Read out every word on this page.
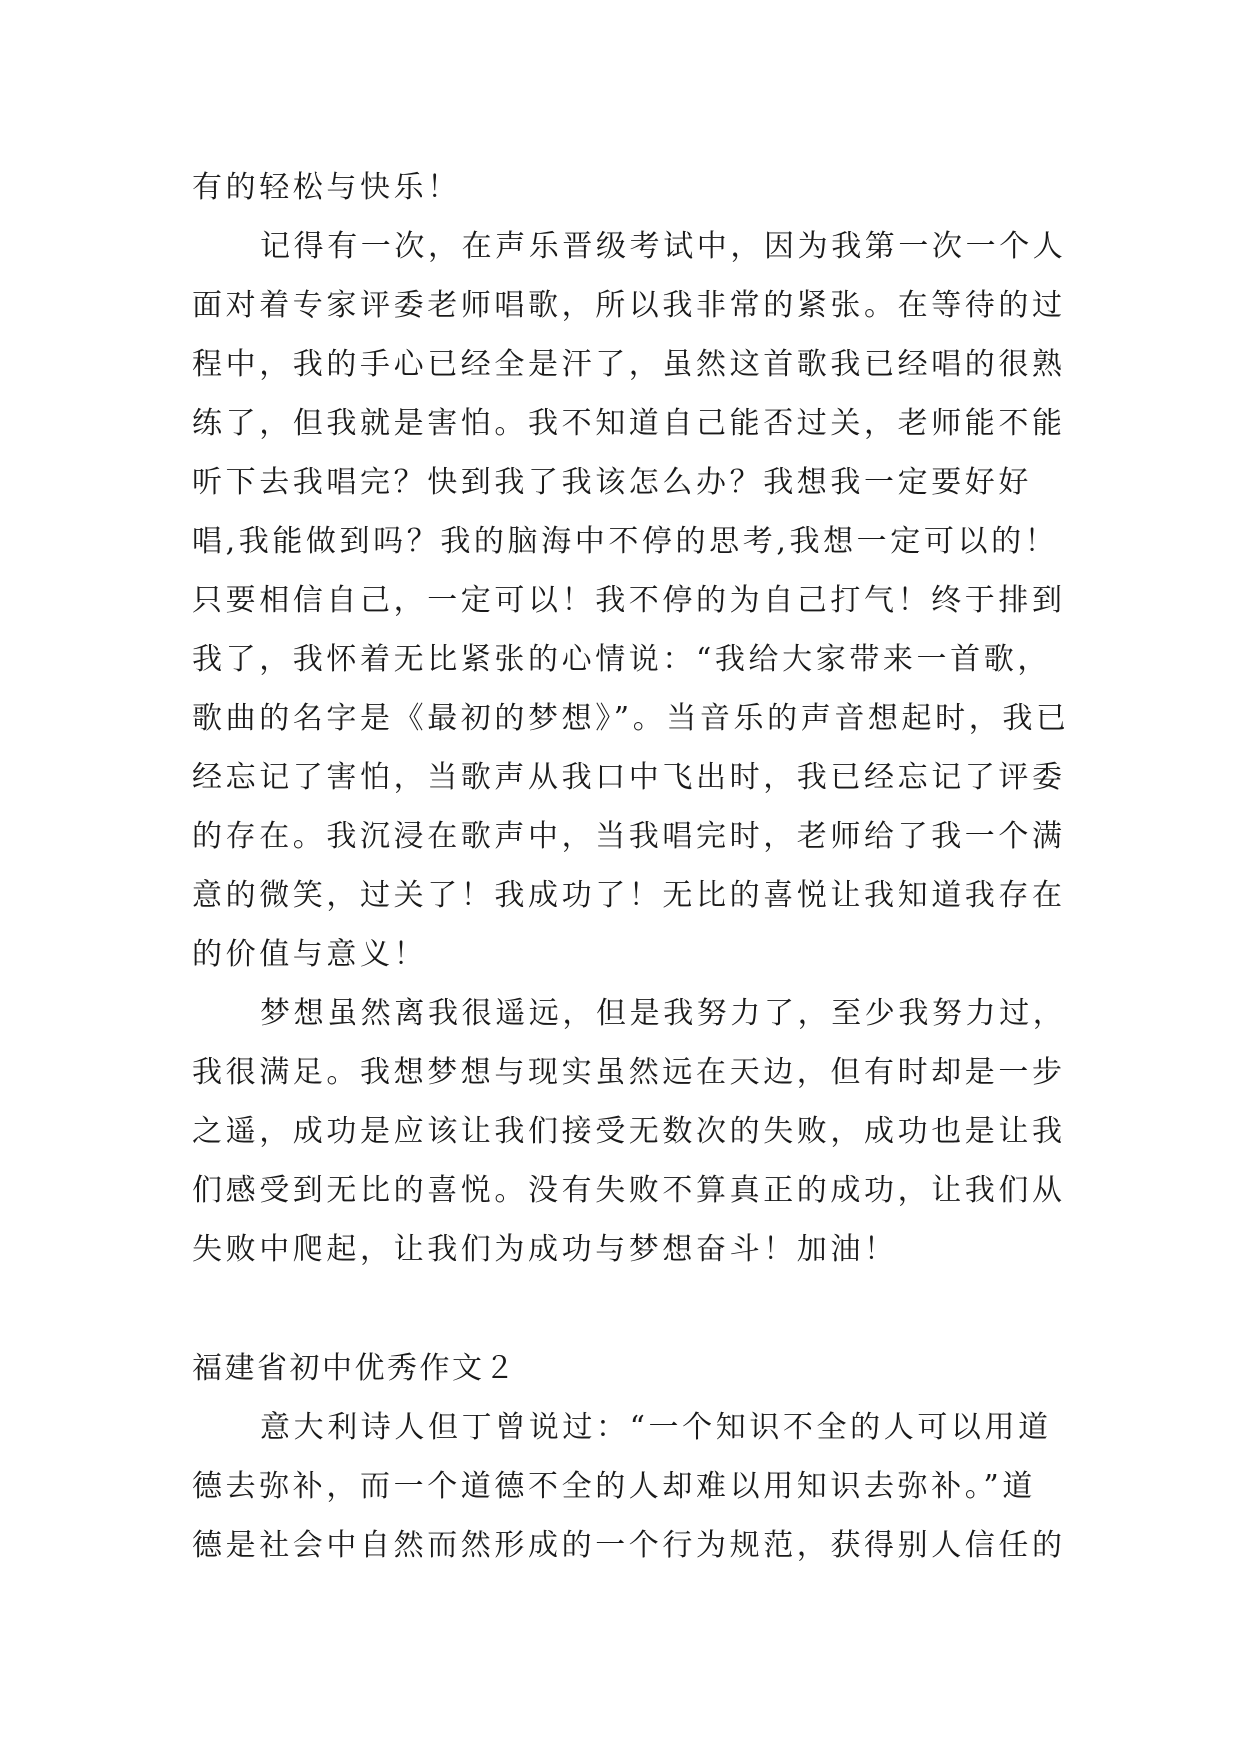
有的轻松与快乐！
记得有一次，在声乐晋级考试中，因为我第一次一个人
面对着专家评委老师唱歌，所以我非常的紧张。在等待的过
程中，我的手心已经全是汗了，虽然这首歌我已经唱的很熟
练了，但我就是害怕。我不知道自己能否过关，老师能不能
听下去我唱完？快到我了我该怎么办？我想我一定要好好
唱,我能做到吗？我的脑海中不停的思考,我想一定可以的！
只要相信自己，一定可以！我不停的为自己打气！终于排到
我了，我怀着无比紧张的心情说：“我给大家带来一首歌，
歌曲的名字是《最初的梦想》”。当音乐的声音想起时，我已
经忘记了害怕，当歌声从我口中飞出时，我已经忘记了评委
的存在。我沉浸在歌声中，当我唱完时，老师给了我一个满
意的微笑，过关了！我成功了！无比的喜悦让我知道我存在
的价值与意义！
梦想虽然离我很遥远，但是我努力了，至少我努力过，
我很满足。我想梦想与现实虽然远在天边，但有时却是一步
之遥，成功是应该让我们接受无数次的失败，成功也是让我
们感受到无比的喜悦。没有失败不算真正的成功，让我们从
失败中爬起，让我们为成功与梦想奋斗！加油！
福建省初中优秀作文２
意大利诗人但丁曾说过：“一个知识不全的人可以用道
德去弥补，而一个道德不全的人却难以用知识去弥补。”道
德是社会中自然而然形成的一个行为规范，获得别人信任的
